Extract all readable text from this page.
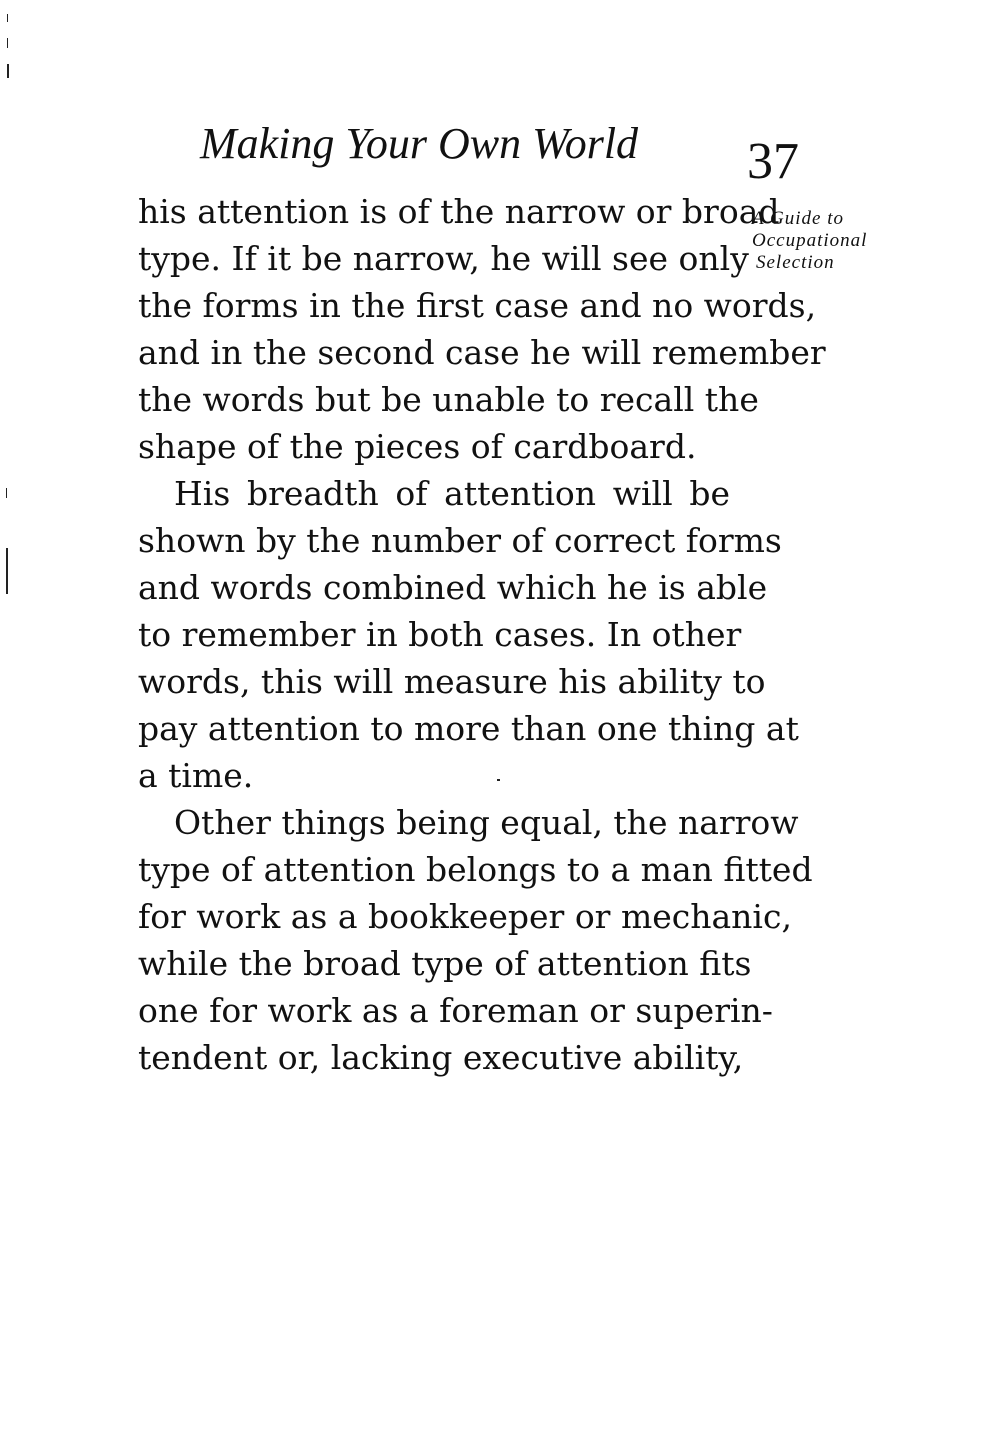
Making Your Own World 37
A Guide to
Occupational
Selection
his attention is of the narrow or broad
type. If it be narrow, he will see only
the forms in the first case and no words,
and in the second case he will remember
the words but be unable to recall the
shape of the pieces of cardboard.
His breadth of attention will be
shown by the number of correct forms
and words combined which he is able
to remember in both cases. In other
words, this will measure his ability to
pay attention to more than one thing at
a time.
Other things being equal, the narrow
type of attention belongs to a man fitted
for work as a bookkeeper or mechanic,
while the broad type of attention fits
one for work as a foreman or superin-
tendent or, lacking executive ability,
